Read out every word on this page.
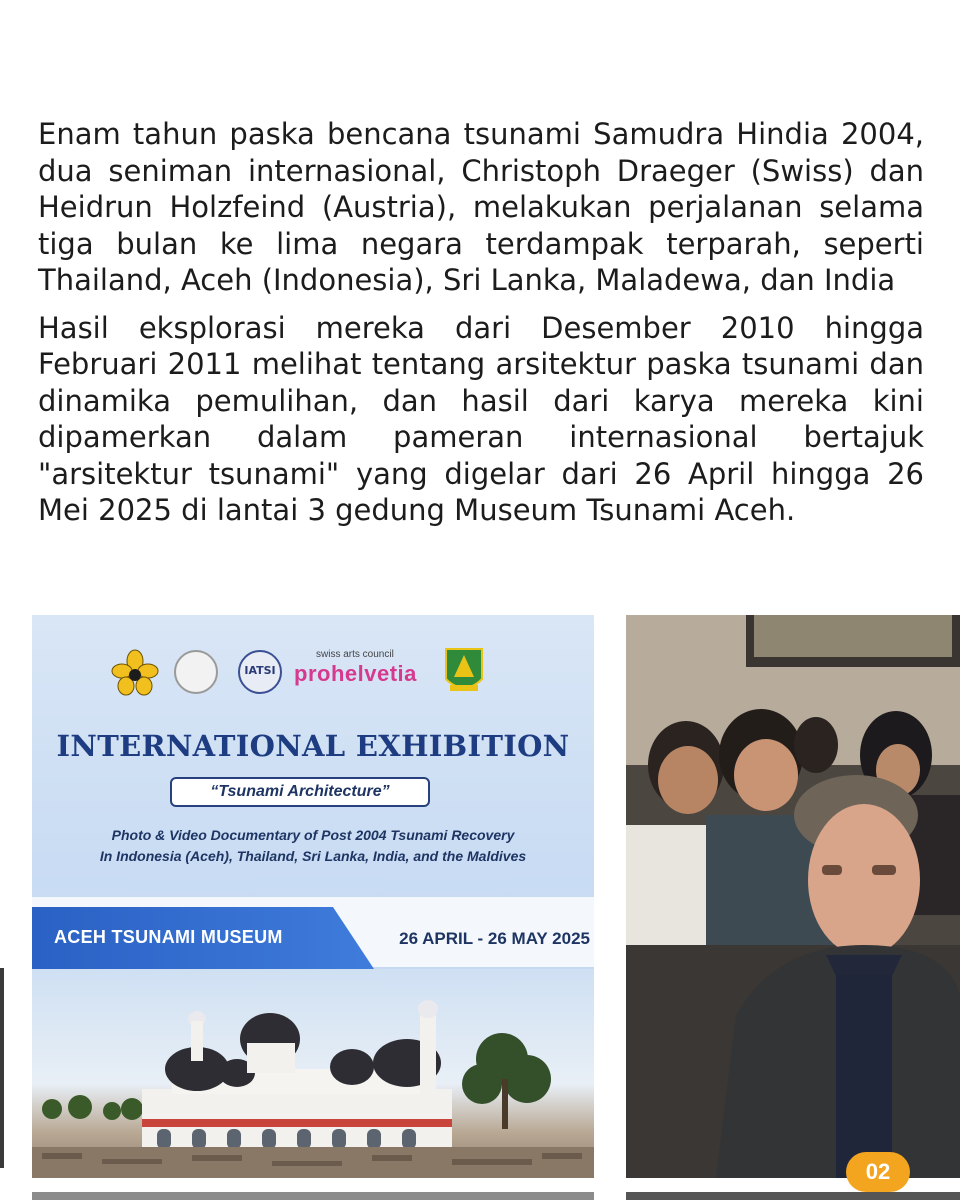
Enam tahun paska bencana tsunami Samudra Hindia 2004, dua seniman internasional, Christoph Draeger (Swiss) dan Heidrun Holzfeind (Austria), melakukan perjalanan selama tiga bulan ke lima negara terdampak terparah, seperti Thailand, Aceh (Indonesia), Sri Lanka, Maladewa, dan India

Hasil eksplorasi mereka dari Desember 2010 hingga Februari 2011 melihat tentang arsitektur paska tsunami dan dinamika pemulihan, dan hasil dari karya mereka kini dipamerkan dalam pameran internasional bertajuk "arsitektur tsunami" yang digelar dari 26 April hingga 26 Mei 2025 di lantai 3 gedung Museum Tsunami Aceh.

IATSI
swiss arts council
prohelvetia
INTERNATIONAL EXHIBITION
“Tsunami Architecture”
Photo & Video Documentary of Post 2004 Tsunami Recovery
In Indonesia (Aceh), Thailand, Sri Lanka, India, and the Maldives
ACEH TSUNAMI MUSEUM	26 APRIL - 26 MAY 2025
02
